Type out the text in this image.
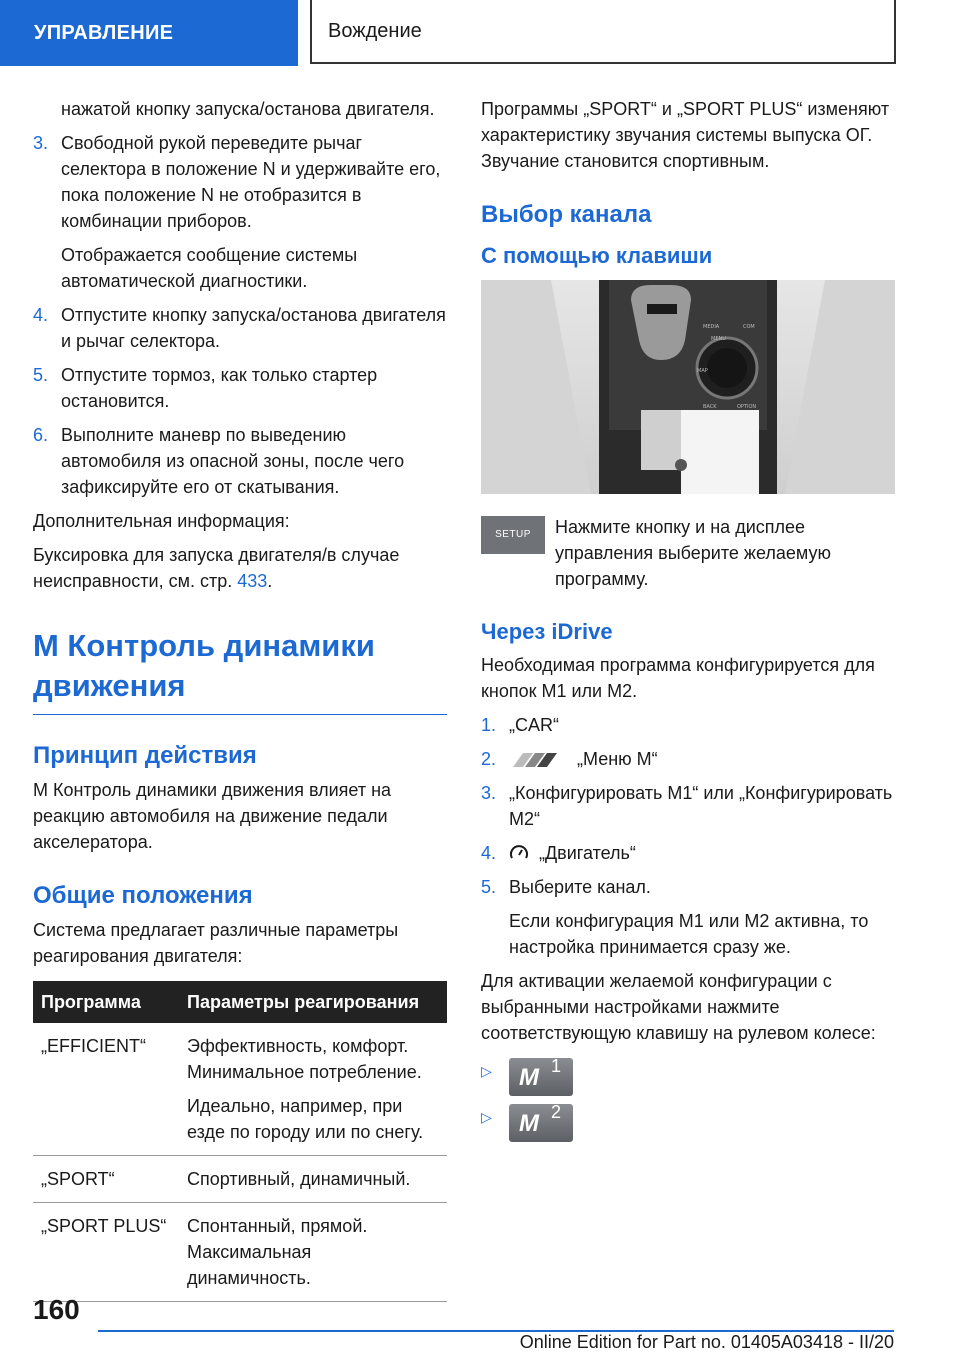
УПРАВЛЕНИЕ	Вождение

нажатой кнопку запуска/останова двигателя.

3. Свободной рукой переведите рычаг селектора в положение N и удерживайте его, пока положение N не отобразится в комбинации приборов.

Отображается сообщение системы автоматической диагностики.

4. Отпустите кнопку запуска/останова двигателя и рычаг селектора.
5. Отпустите тормоз, как только стартер остановится.
6. Выполните маневр по выведению автомобиля из опасной зоны, после чего зафиксируйте его от скатывания.

Дополнительная информация:

Буксировка для запуска двигателя/в случае неисправности, см. стр. 433.

M Контроль динамики движения
Принцип действия

M Контроль динамики движения влияет на реакцию автомобиля на движение педали акселератора.

Общие положения

Система предлагает различные параметры реагирования двигателя:

Программа	Параметры реагирования
„EFFICIENT“	Эффективность, комфорт. Минимальное потребление.

Идеально, например, при езде по городу или по снегу.

„SPORT“	Спортивный, динамичный.
„SPORT PLUS“	Спонтанный, прямой. Максимальная динамичность.

Программы „SPORT“ и „SPORT PLUS“ изменяют характеристику звучания системы выпуска ОГ. Звучание становится спортивным.

Выбор канала
С помощью клавиши
MEDIA	COM
MAP
BACK	OPTION
MENU
SETUP	Нажмите кнопку и на дисплее управления выберите желаемую программу.

Через iDrive

Необходимая программа конфигурируется для кнопок M1 или M2.

1. „CAR“
2.	„Меню M“
3. „Конфигурировать M1“ или „Конфигурировать M2“
4.	„Двигатель“
5. Выберите канал.

Если конфигурация M1 или M2 активна, то настройка принимается сразу же.

Для активации желаемой конфигурации с выбранными настройками нажмите соответствующую клавишу на рулевом колесе:

▷	M 1
▷	M 2
160
Online Edition for Part no. 01405A03418 - II/20
